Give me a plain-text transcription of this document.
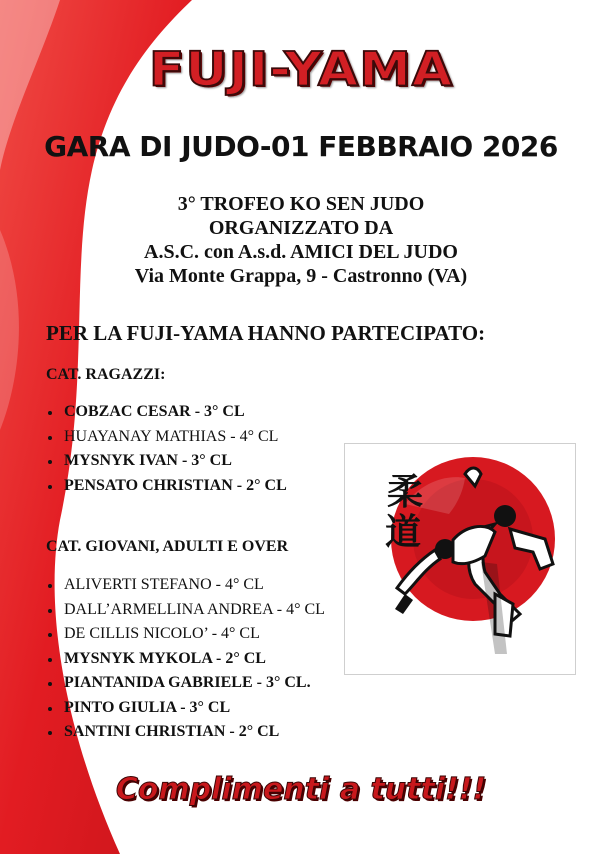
FUJI-YAMA
GARA DI JUDO-01 FEBBRAIO 2026
3° TROFEO KO SEN JUDO
ORGANIZZATO DA
A.S.C. con A.s.d. AMICI DEL JUDO
Via Monte Grappa, 9 - Castronno (VA)
PER LA FUJI-YAMA HANNO PARTECIPATO:
CAT. RAGAZZI:
COBZAC CESAR - 3° CL
HUAYANAY MATHIAS - 4° CL
MYSNYK IVAN - 3° CL
PENSATO CHRISTIAN - 2° CL
CAT. GIOVANI, ADULTI E OVER
ALIVERTI STEFANO - 4° CL
DALL’ARMELLINA ANDREA - 4° CL
DE CILLIS NICOLO’ - 4° CL
MYSNYK MYKOLA - 2° CL
PIANTANIDA GABRIELE - 3° CL.
PINTO GIULIA - 3° CL
SANTINI CHRISTIAN - 2° CL
柔
道
Complimenti a tutti!!!
